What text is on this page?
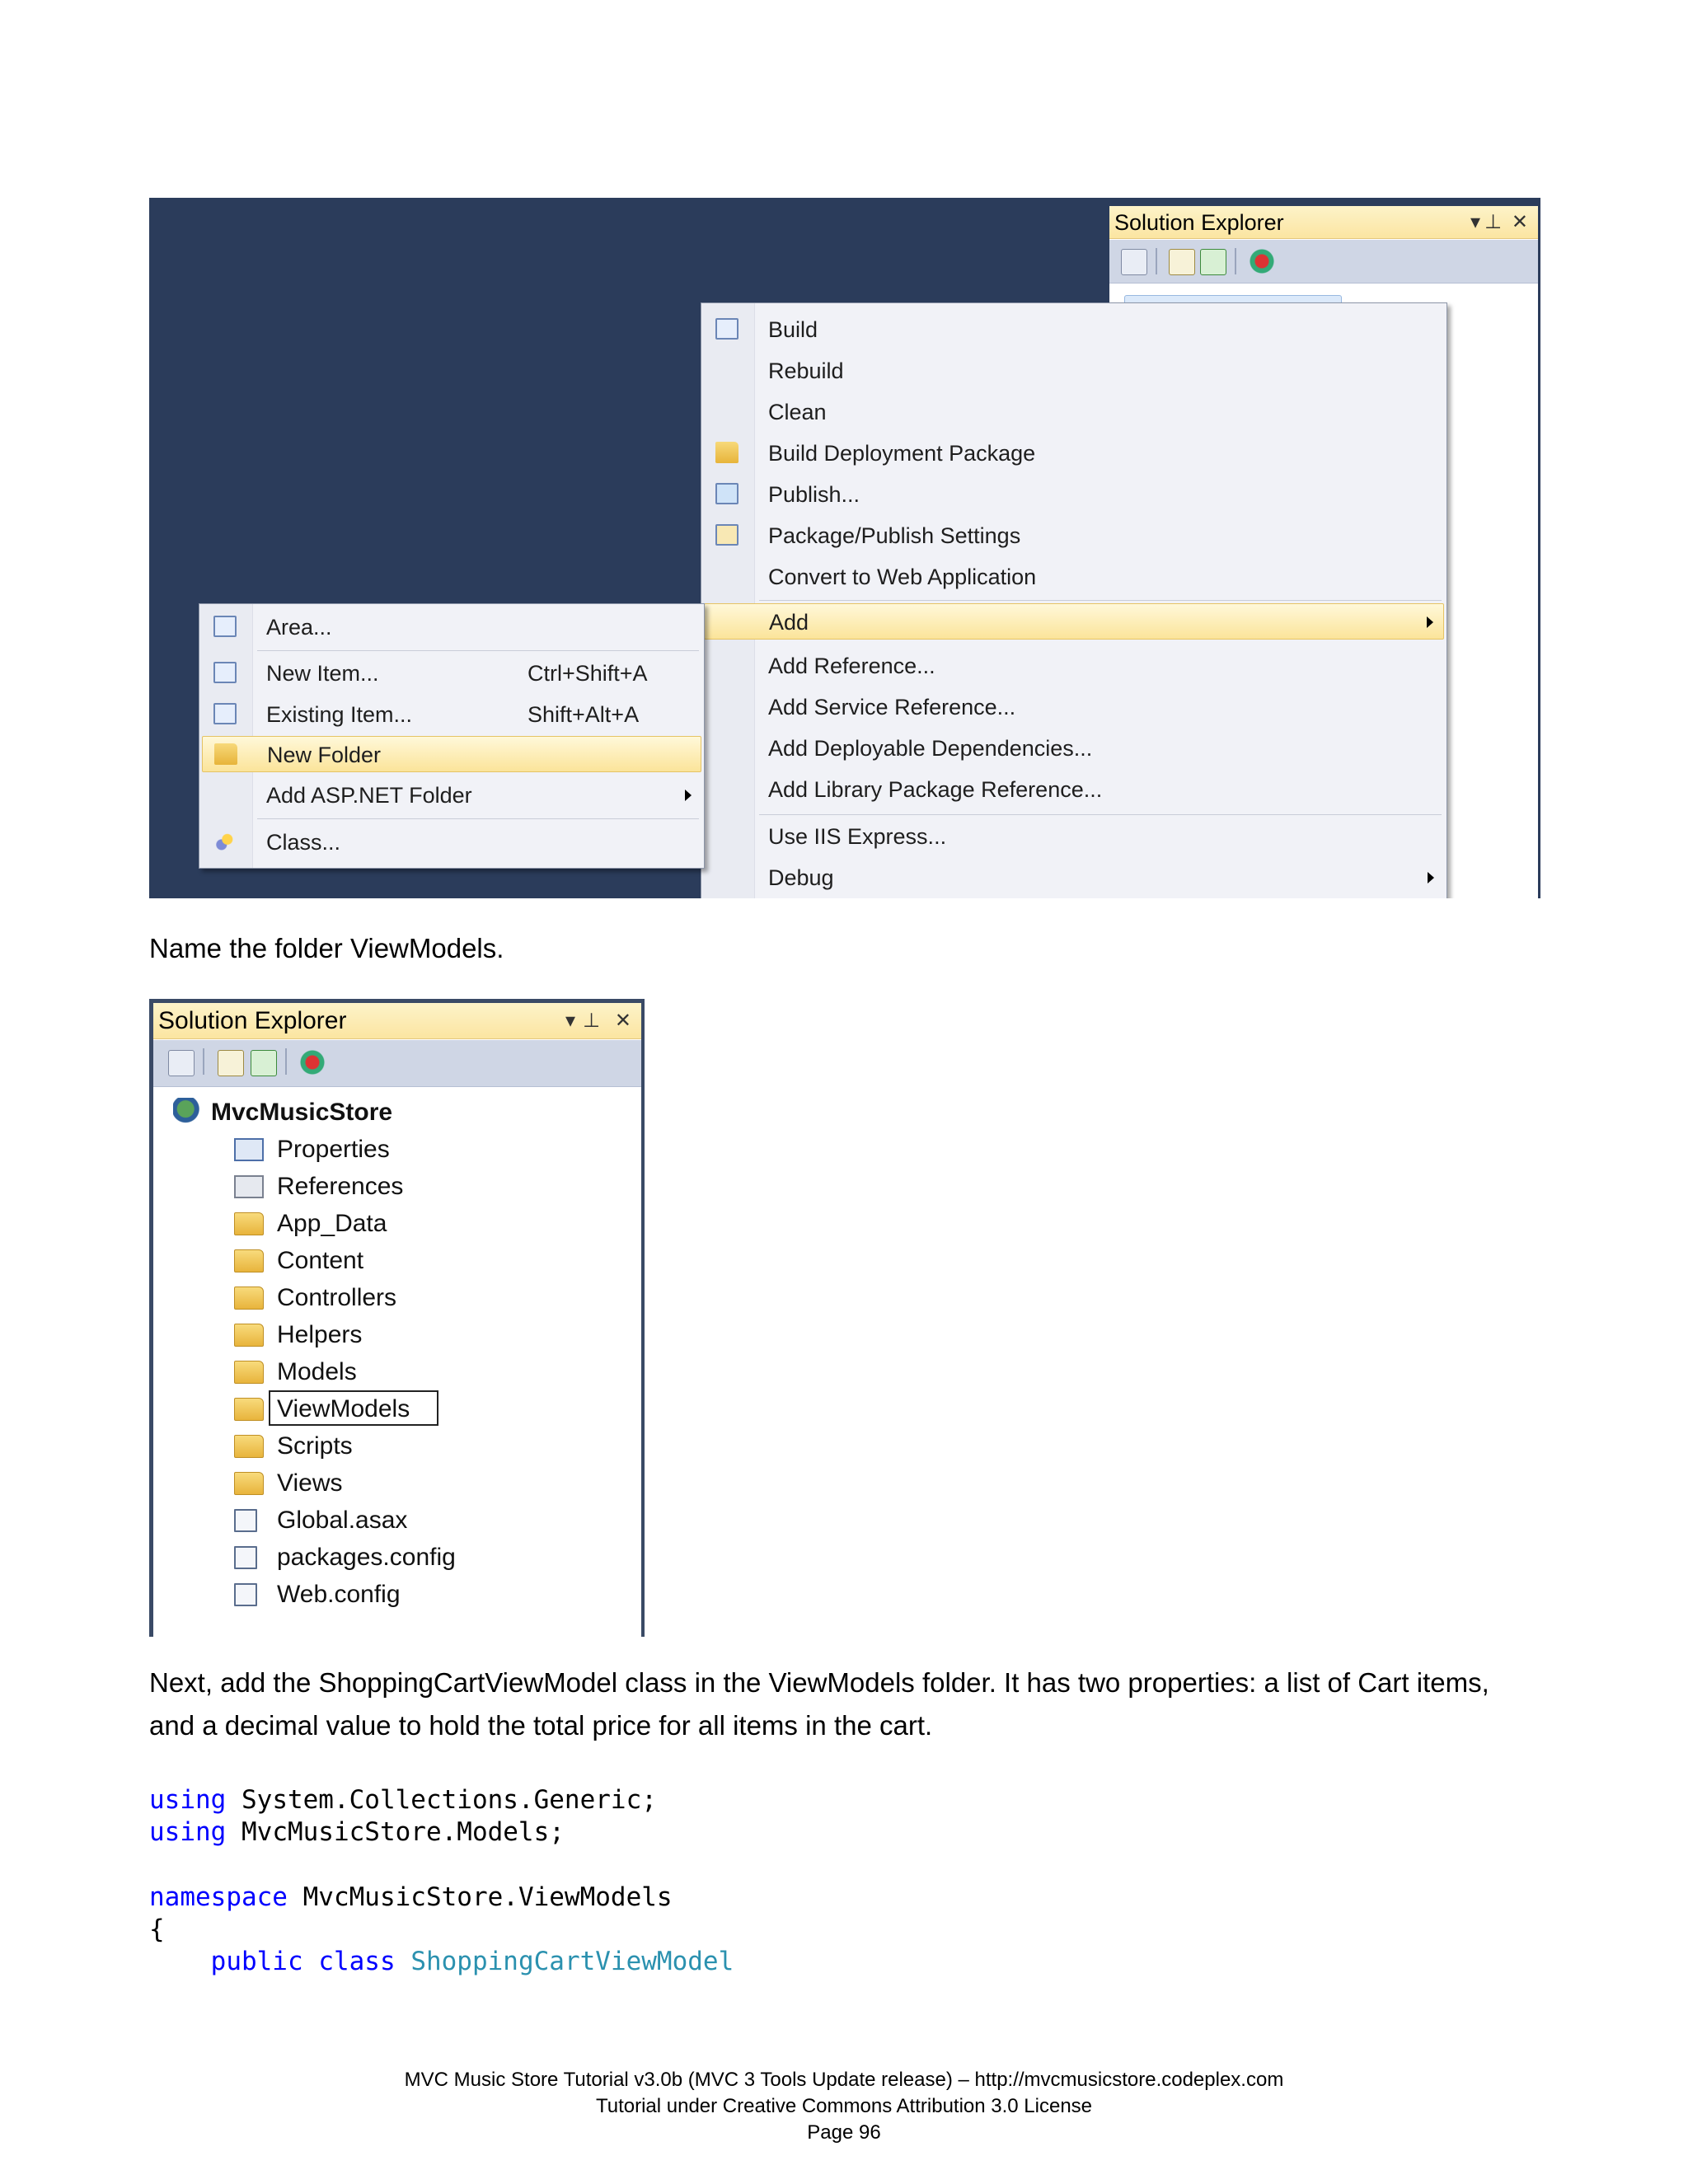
Solution Explorer	▾ ⊥ ✕
Build
Rebuild
Clean
Build Deployment Package
Publish...
Package/Publish Settings
Convert to Web Application
Add
Add Reference...
Add Service Reference...
Add Deployable Dependencies...
Add Library Package Reference...
Use IIS Express...
Debug
Area...
New Item...	Ctrl+Shift+A
Existing Item...	Shift+Alt+A
New Folder
Add ASP.NET Folder
Class...
Name the folder ViewModels.
Solution Explorer	▾ ⊥ ✕
MvcMusicStore
Properties
References
App_Data
Content
Controllers
Helpers
Models
ViewModels
Scripts
Views
Global.asax
packages.config
Web.config
Next, add the ShoppingCartViewModel class in the ViewModels folder. It has two properties: a list of Cart items,
and a decimal value to hold the total price for all items in the cart.
using System.Collections.Generic;
using MvcMusicStore.Models;
namespace MvcMusicStore.ViewModels
{
public class ShoppingCartViewModel
MVC Music Store Tutorial v3.0b (MVC 3 Tools Update release) – http://mvcmusicstore.codeplex.com
Tutorial under Creative Commons Attribution 3.0 License
Page 96
